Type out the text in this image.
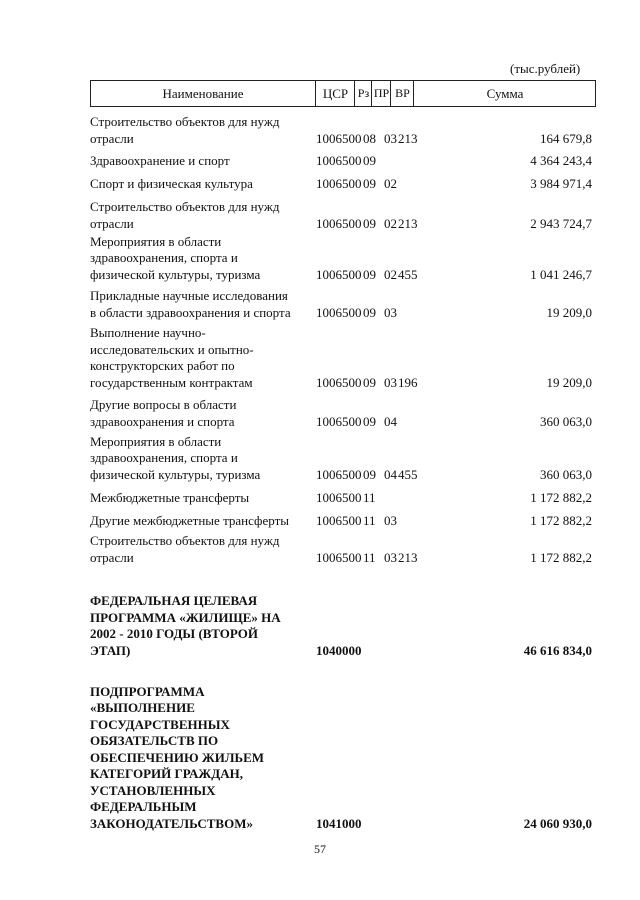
(тыс.рублей)
Наименование	ЦСР Рз ПР ВР	Сумма
Строительство объектов для нужд
отрасли	1006500 08 03 213	164 679,8
Здравоохранение и спорт	1006500 09	4 364 243,4
Спорт и физическая культура	1006500 09 02	3 984 971,4
Строительство объектов для нужд
отрасли	1006500 09 02 213	2 943 724,7
Мероприятия в области
здравоохранения, спорта и
физической культуры, туризма	1006500 09 02 455	1 041 246,7
Прикладные научные исследования
в области здравоохранения и спорта	1006500 09 03	19 209,0
Выполнение научно-
исследовательских и опытно-
конструкторских работ по
государственным контрактам	1006500 09 03 196	19 209,0
Другие вопросы в области
здравоохранения и спорта	1006500 09 04	360 063,0
Мероприятия в области
здравоохранения, спорта и
физической культуры, туризма	1006500 09 04 455	360 063,0
Межбюджетные трансферты	1006500 11	1 172 882,2
Другие межбюджетные трансферты	1006500 11 03	1 172 882,2
Строительство объектов для нужд
отрасли	1006500 11 03 213	1 172 882,2
ФЕДЕРАЛЬНАЯ ЦЕЛЕВАЯ
ПРОГРАММА «ЖИЛИЩЕ» НА
2002 - 2010 ГОДЫ (ВТОРОЙ
ЭТАП)	1040000	46 616 834,0
ПОДПРОГРАММА
«ВЫПОЛНЕНИЕ
ГОСУДАРСТВЕННЫХ
ОБЯЗАТЕЛЬСТВ ПО
ОБЕСПЕЧЕНИЮ ЖИЛЬЕМ
КАТЕГОРИЙ ГРАЖДАН,
УСТАНОВЛЕННЫХ
ФЕДЕРАЛЬНЫМ
ЗАКОНОДАТЕЛЬСТВОМ»	1041000	24 060 930,0
57
